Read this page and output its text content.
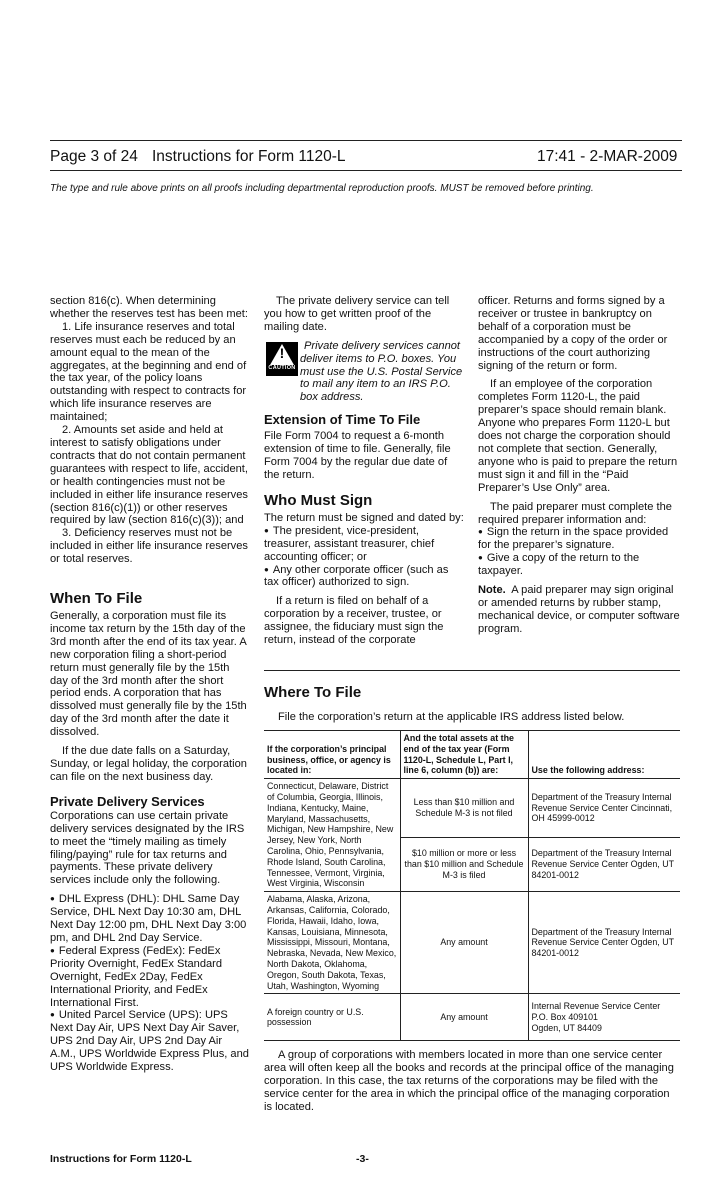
Page 3 of 24 Instructions for Form 1120-L	17:41 - 2-MAR-2009
The type and rule above prints on all proofs including departmental reproduction proofs. MUST be removed before printing.

section 816(c). When determining whether the reserves test has been met:

1. Life insurance reserves and total reserves must each be reduced by an amount equal to the mean of the aggregates, at the beginning and end of the tax year, of the policy loans outstanding with respect to contracts for which life insurance reserves are maintained;

2. Amounts set aside and held at interest to satisfy obligations under contracts that do not contain permanent guarantees with respect to life, accident, or health contingencies must not be included in either life insurance reserves (section 816(c)(1)) or other reserves required by law (section 816(c)(3)); and

3. Deficiency reserves must not be included in either life insurance reserves or total reserves.

When To File

Generally, a corporation must file its income tax return by the 15th day of the 3rd month after the end of its tax year. A new corporation filing a short-period return must generally file by the 15th day of the 3rd month after the short period ends. A corporation that has dissolved must generally file by the 15th day of the 3rd month after the date it dissolved.

If the due date falls on a Saturday, Sunday, or legal holiday, the corporation can file on the next business day.

Private Delivery Services

Corporations can use certain private delivery services designated by the IRS to meet the “timely mailing as timely filing/paying” rule for tax returns and payments. These private delivery services include only the following.

● DHL Express (DHL): DHL Same Day Service, DHL Next Day 10:30 am, DHL Next Day 12:00 pm, DHL Next Day 3:00 pm, and DHL 2nd Day Service.

● Federal Express (FedEx): FedEx Priority Overnight, FedEx Standard Overnight, FedEx 2Day, FedEx International Priority, and FedEx International First.

● United Parcel Service (UPS): UPS Next Day Air, UPS Next Day Air Saver, UPS 2nd Day Air, UPS 2nd Day Air A.M., UPS Worldwide Express Plus, and UPS Worldwide Express.

The private delivery service can tell you how to get written proof of the mailing date.

!
CAUTION

Private delivery services cannot deliver items to P.O. boxes. You must use the U.S. Postal Service to mail any item to an IRS P.O. box address.

Extension of Time To File

File Form 7004 to request a 6-month extension of time to file. Generally, file Form 7004 by the regular due date of the return.

Who Must Sign

The return must be signed and dated by:

● The president, vice-president, treasurer, assistant treasurer, chief accounting officer; or

● Any other corporate officer (such as tax officer) authorized to sign.

If a return is filed on behalf of a corporation by a receiver, trustee, or assignee, the fiduciary must sign the return, instead of the corporate

officer. Returns and forms signed by a receiver or trustee in bankruptcy on behalf of a corporation must be accompanied by a copy of the order or instructions of the court authorizing signing of the return or form.

If an employee of the corporation completes Form 1120-L, the paid preparer’s space should remain blank. Anyone who prepares Form 1120-L but does not charge the corporation should not complete that section. Generally, anyone who is paid to prepare the return must sign it and fill in the “Paid Preparer’s Use Only” area.

The paid preparer must complete the required preparer information and:

● Sign the return in the space provided for the preparer’s signature.

● Give a copy of the return to the taxpayer.

Note. A paid preparer may sign original or amended returns by rubber stamp, mechanical device, or computer software program.

Where To File
File the corporation’s return at the applicable IRS address listed below.
If the corporation’s principal business, office, or agency is located in:	And the total assets at the end of the tax year (Form 1120-L, Schedule L, Part I, line 6, column (b)) are:	Use the following address:
Connecticut, Delaware, District of Columbia, Georgia, Illinois, Indiana, Kentucky, Maine, Maryland, Massachusetts, Michigan, New Hampshire, New Jersey, New York, North Carolina, Ohio, Pennsylvania, Rhode Island, South Carolina, Tennessee, Vermont, Virginia, West Virginia, Wisconsin	Less than $10 million and Schedule M-3 is not filed	Department of the Treasury Internal Revenue Service Center Cincinnati, OH 45999-0012
	$10 million or more or less than $10 million and Schedule M-3 is filed	Department of the Treasury Internal Revenue Service Center Ogden, UT 84201-0012
Alabama, Alaska, Arizona, Arkansas, California, Colorado, Florida, Hawaii, Idaho, Iowa, Kansas, Louisiana, Minnesota, Mississippi, Missouri, Montana, Nebraska, Nevada, New Mexico, North Dakota, Oklahoma, Oregon, South Dakota, Texas, Utah, Washington, Wyoming	Any amount	Department of the Treasury Internal Revenue Service Center Ogden, UT 84201-0012
A foreign country or U.S. possession	Any amount	Internal Revenue Service Center
P.O. Box 409101
Ogden, UT 84409

A group of corporations with members located in more than one service center area will often keep all the books and records at the principal office of the managing corporation. In this case, the tax returns of the corporations may be filed with the service center for the area in which the principal office of the managing corporation is located.

Instructions for Form 1120-L	-3-
